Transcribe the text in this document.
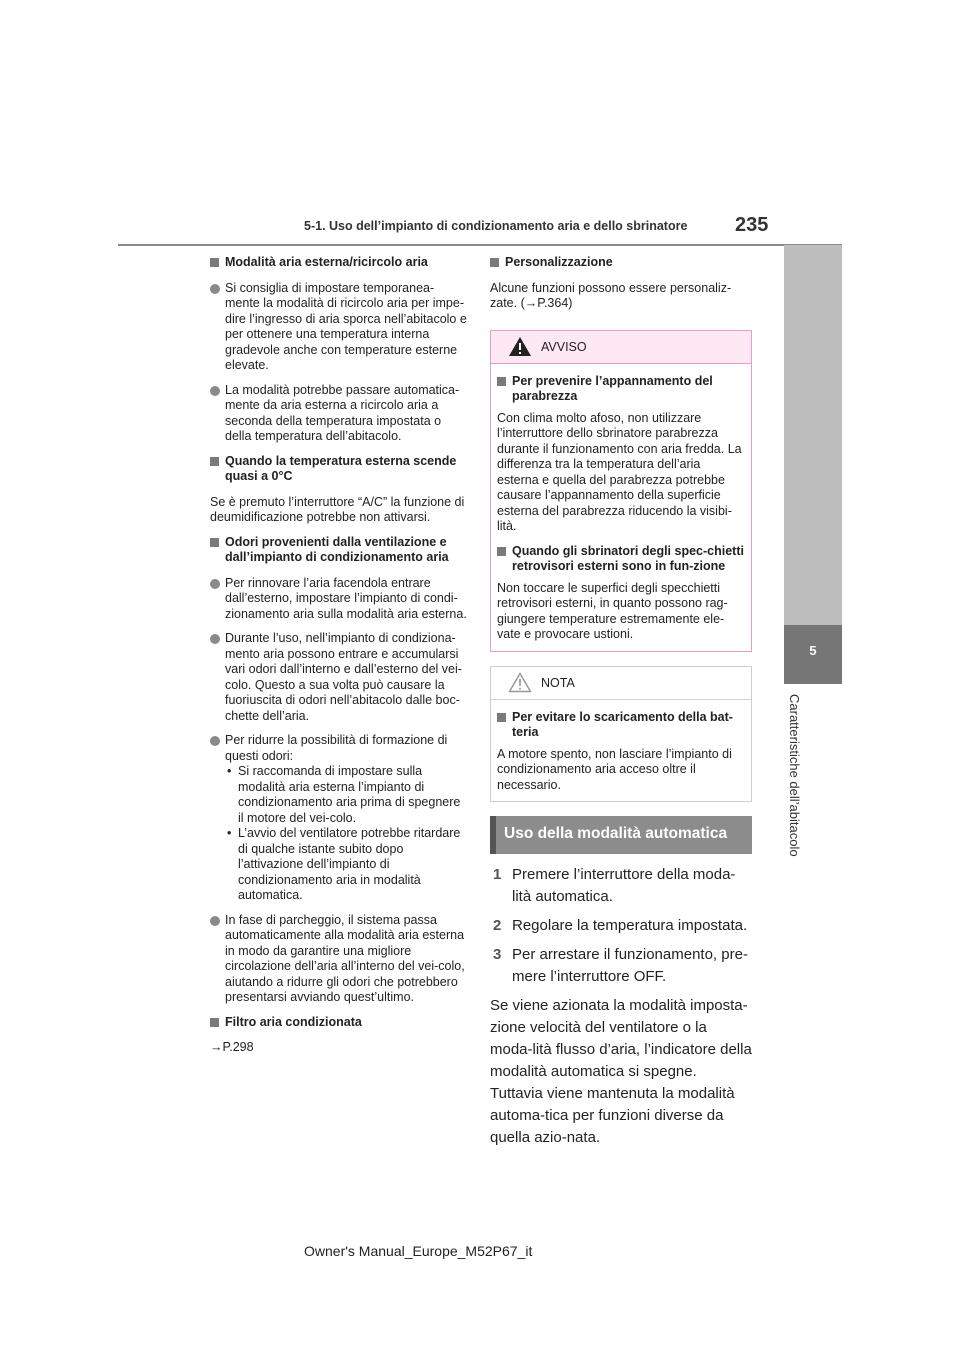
5-1. Uso dell’impianto di condizionamento aria e dello sbrinatore 235
5
Caratteristiche dell’abitacolo
Modalità aria esterna/ricircolo aria
Si consiglia di impostare temporanea-mente la modalità di ricircolo aria per impe-dire l’ingresso di aria sporca nell’abitacolo e per ottenere una temperatura interna gradevole anche con temperature esterne elevate.
La modalità potrebbe passare automatica-mente da aria esterna a ricircolo aria a seconda della temperatura impostata o della temperatura dell’abitacolo.
Quando la temperatura esterna scende quasi a 0°C
Se è premuto l’interruttore “A/C” la funzione di deumidificazione potrebbe non attivarsi.
Odori provenienti dalla ventilazione e dall’impianto di condizionamento aria
Per rinnovare l’aria facendola entrare dall’esterno, impostare l’impianto di condi-zionamento aria sulla modalità aria esterna.
Durante l’uso, nell’impianto di condiziona-mento aria possono entrare e accumularsi vari odori dall’interno e dall’esterno del vei-colo. Questo a sua volta può causare la fuoriuscita di odori nell’abitacolo dalle boc-chette dell’aria.
Per ridurre la possibilità di formazione di questi odori:
• Si raccomanda di impostare sulla modalità aria esterna l’impianto di condizionamento aria prima di spegnere il motore del vei-colo.
• L’avvio del ventilatore potrebbe ritardare di qualche istante subito dopo l’attivazione dell’impianto di condizionamento aria in modalità automatica.
In fase di parcheggio, il sistema passa automaticamente alla modalità aria esterna in modo da garantire una migliore circolazione dell’aria all’interno del vei-colo, aiutando a ridurre gli odori che potrebbero presentarsi avviando quest’ultimo.
Filtro aria condizionata
→P.298
Personalizzazione
Alcune funzioni possono essere personaliz-zate. (→P.364)
AVVISO
Per prevenire l’appannamento del parabrezza
Con clima molto afoso, non utilizzare l’interruttore dello sbrinatore parabrezza durante il funzionamento con aria fredda. La differenza tra la temperatura dell’aria esterna e quella del parabrezza potrebbe causare l’appannamento della superficie esterna del parabrezza riducendo la visibi-lità.
Quando gli sbrinatori degli spec-chietti retrovisori esterni sono in fun-zione
Non toccare le superfici degli specchietti retrovisori esterni, in quanto possono rag-giungere temperature estremamente ele-vate e provocare ustioni.
NOTA
Per evitare lo scaricamento della bat-teria
A motore spento, non lasciare l’impianto di condizionamento aria acceso oltre il necessario.
Uso della modalità automatica
1 Premere l’interruttore della moda-lità automatica.
2 Regolare la temperatura impostata.
3 Per arrestare il funzionamento, pre-mere l’interruttore OFF.
Se viene azionata la modalità imposta-zione velocità del ventilatore o la moda-lità flusso d’aria, l’indicatore della modalità automatica si spegne. Tuttavia viene mantenuta la modalità automa-tica per funzioni diverse da quella azio-nata.
Owner's Manual_Europe_M52P67_it
